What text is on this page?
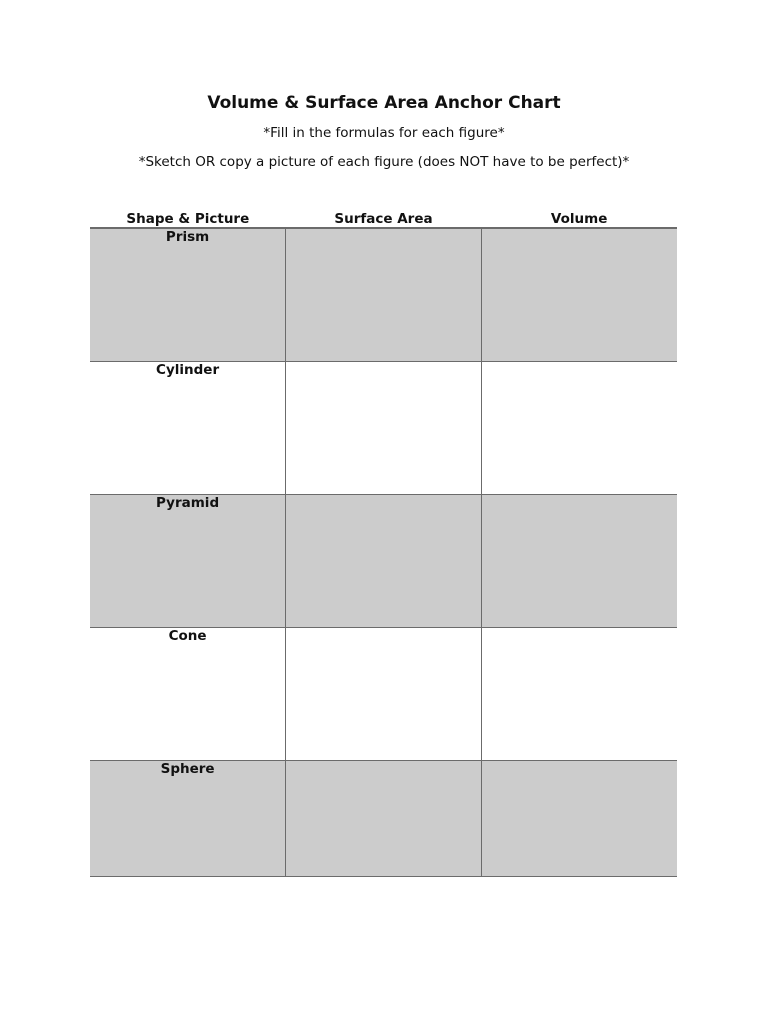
Volume & Surface Area Anchor Chart
*Fill in the formulas for each figure*
*Sketch OR copy a picture of each figure (does NOT have to be perfect)*
Shape & Picture	Surface Area	Volume

Prism		

Cylinder		

Pyramid		

Cone		

Sphere		
